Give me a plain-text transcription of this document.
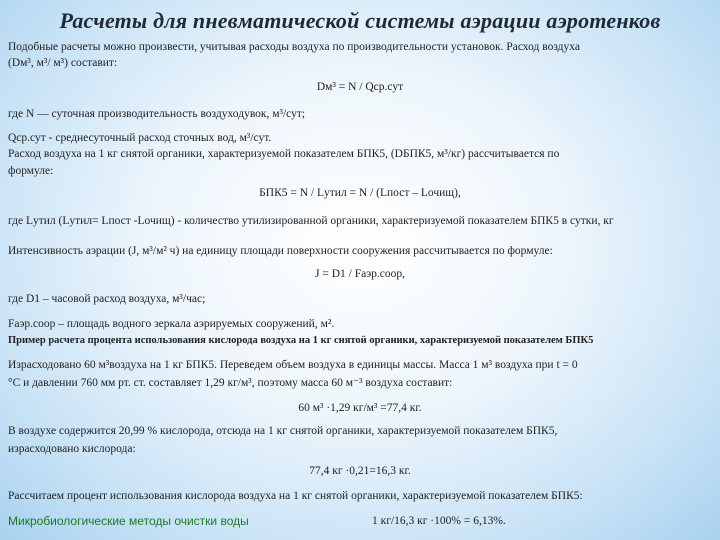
Расчеты для пневматической системы аэрации аэротенков
Подобные расчеты можно произвести, учитывая расходы воздуха по производительности установок. Расход воздуха
(Dм³, м³/ м³) составит:
Dм³ = N / Qср.сут
где N — суточная производительность воздуходувок, м³/сут;
Qср.сут - среднесуточный расход сточных вод, м³/сут.
Расход воздуха на 1 кг снятой органики, характеризуемой показателем БПК5, (DБПК5, м³/кг) рассчитывается по
формуле:
БПК5 = N / Lутил = N / (Lпост – Lочищ),
где Lутил (Lутил= Lпост -Lочищ) - количество утилизированной органики, характеризуемой показателем БПК5 в сутки, кг
Интенсивность аэрации (J, м³/м² ч) на единицу площади поверхности сооружения рассчитывается по формуле:
J = D1 / Fаэр.соор,
где D1 – часовой расход воздуха, м³/час;
Fаэр.соор – площадь водного зеркала аэрируемых сооружений, м².
Пример расчета процента использования кислорода воздуха на 1 кг снятой органики, характеризуемой показателем БПК5
Израсходовано 60 м³воздуха на 1 кг БПК5. Переведем объем воздуха в единицы массы. Масса 1 м³ воздуха при t = 0
°С и давлении 760 мм рт. ст. составляет 1,29 кг/м³, поэтому масса 60 м⁻³ воздуха составит:
60 м³ ·1,29 кг/м³ =77,4 кг.
В воздухе содержится 20,99 % кислорода, отсюда на 1 кг снятой органики, характеризуемой показателем БПК5,
израсходовано кислорода:
77,4 кг ·0,21=16,3 кг.
Рассчитаем процент использования кислорода воздуха на 1 кг снятой органики, характеризуемой показателем БПК5:
1 кг/16,3 кг ·100% = 6,13%.
Микробиологические методы очистки воды
